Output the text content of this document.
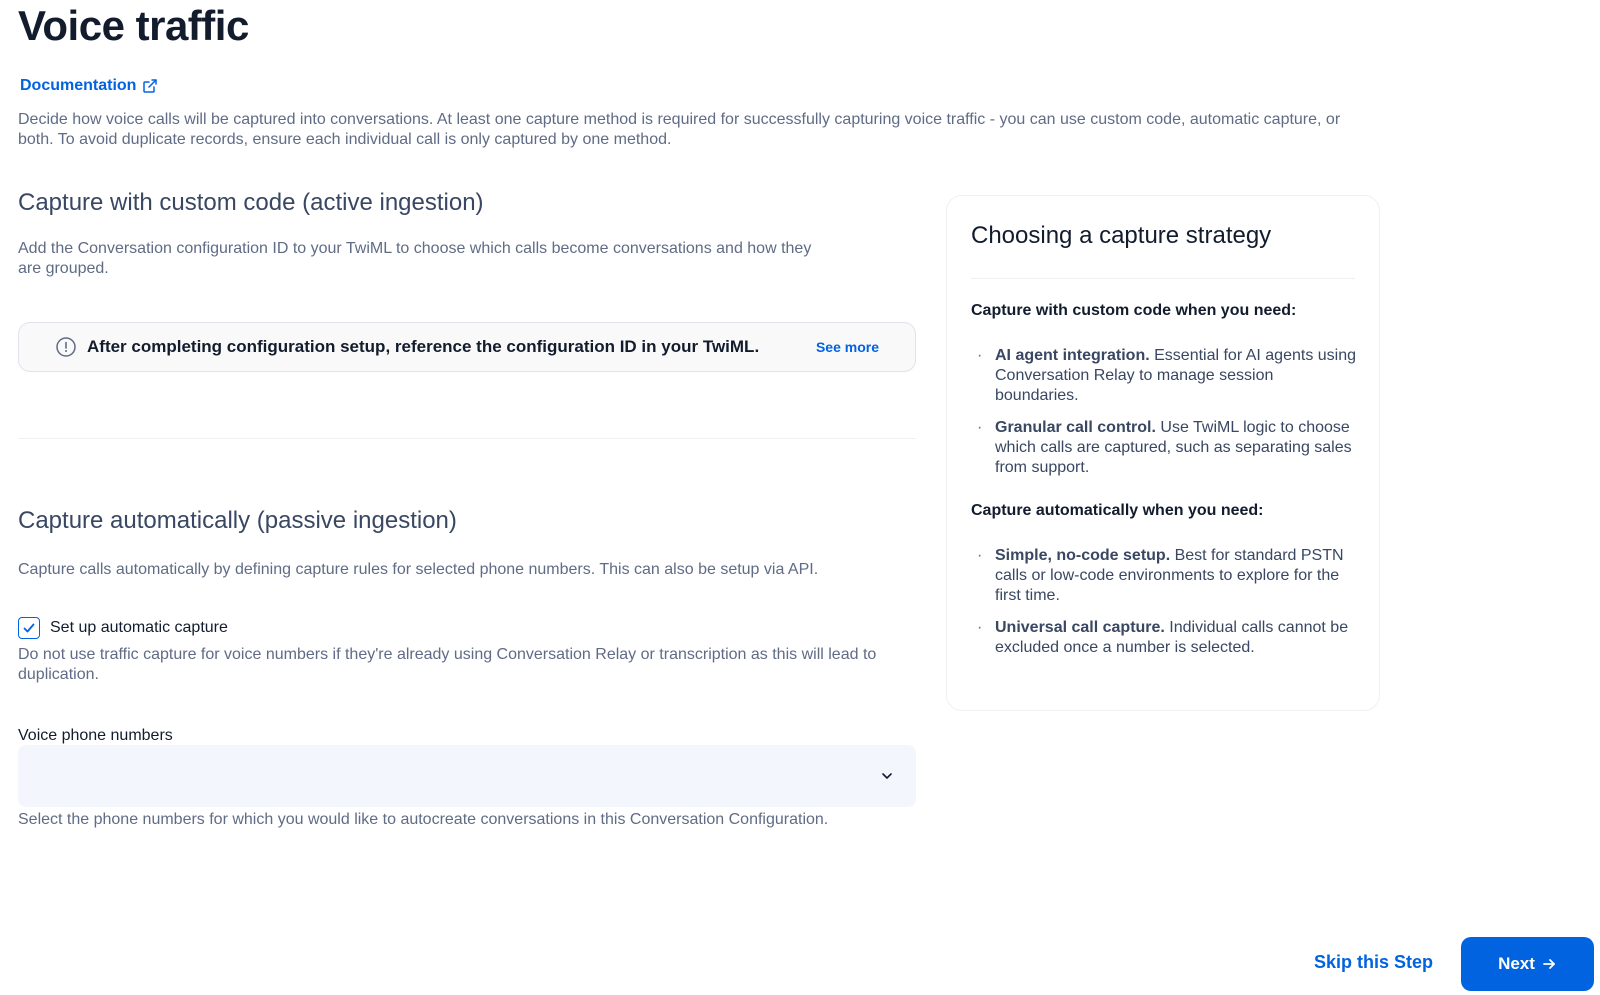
Voice traffic
Documentation

Decide how voice calls will be captured into conversations. At least one capture method is required for successfully capturing voice traffic - you can use custom code, automatic capture, or both. To avoid duplicate records, ensure each individual call is only captured by one method.

Capture with custom code (active ingestion)

Add the Conversation configuration ID to your TwiML to choose which calls become conversations and how they are grouped.

After completing configuration setup, reference the configuration ID in your TwiML.	See more
Capture automatically (passive ingestion)

Capture calls automatically by defining capture rules for selected phone numbers. This can also be setup via API.

Set up automatic capture

Do not use traffic capture for voice numbers if they're already using Conversation Relay or transcription as this will lead to duplication.

Voice phone numbers

Select the phone numbers for which you would like to autocreate conversations in this Conversation Configuration.

Choosing a capture strategy
Capture with custom code when you need:
· AI agent integration. Essential for AI agents using Conversation Relay to manage session boundaries.
· Granular call control. Use TwiML logic to choose which calls are captured, such as separating sales from support.
Capture automatically when you need:
· Simple, no-code setup. Best for standard PSTN calls or low-code environments to explore for the first time.
· Universal call capture. Individual calls cannot be excluded once a number is selected.
Skip this Step	Next
